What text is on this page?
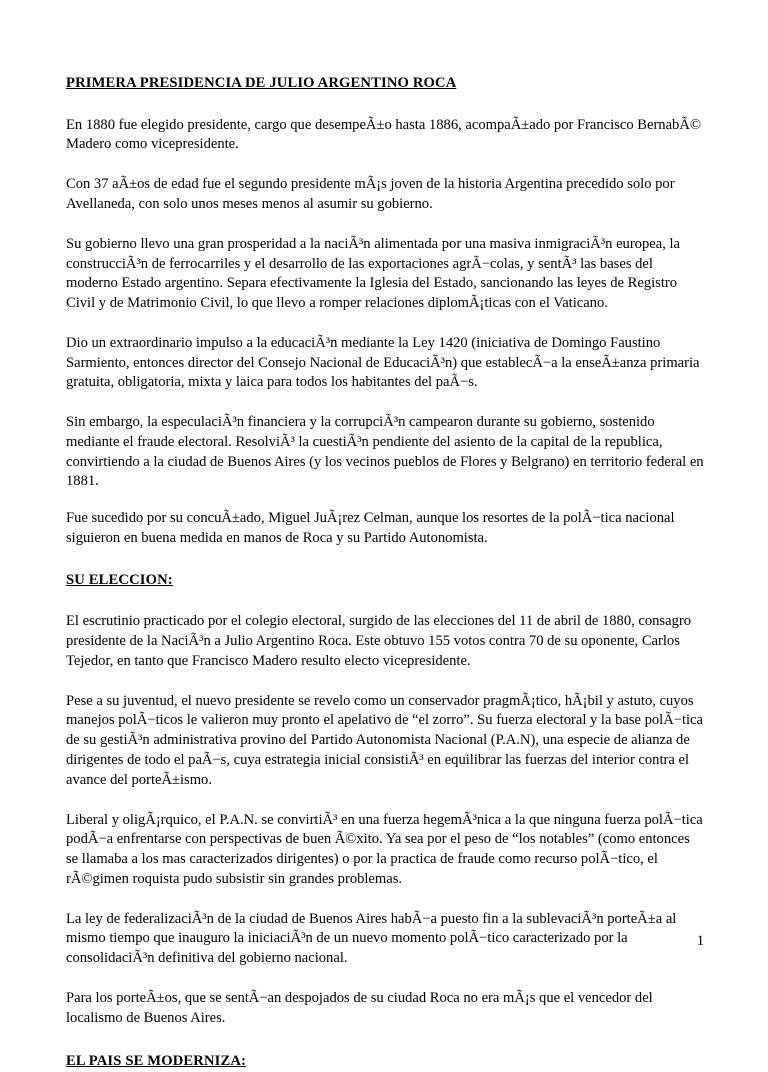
PRIMERA PRESIDENCIA DE JULIO ARGENTINO ROCA
En 1880 fue elegido presidente, cargo que desempeÃ±o hasta 1886, acompaÃ±ado por Francisco BernabÃ© Madero como vicepresidente.
Con 37 aÃ±os de edad fue el segundo presidente mÃ¡s joven de la historia Argentina precedido solo por Avellaneda, con solo unos meses menos al asumir su gobierno.
Su gobierno llevo una gran prosperidad a la naciÃ³n alimentada por una masiva inmigraciÃ³n europea, la construcciÃ³n de ferrocarriles y el desarrollo de las exportaciones agrÃ−colas, y sentÃ³ las bases del moderno Estado argentino. Separa efectivamente la Iglesia del Estado, sancionando las leyes de Registro Civil y de Matrimonio Civil, lo que llevo a romper relaciones diplomÃ¡ticas con el Vaticano.
Dio un extraordinario impulso a la educaciÃ³n mediante la Ley 1420 (iniciativa de Domingo Faustino Sarmiento, entonces director del Consejo Nacional de EducaciÃ³n) que establecÃ−a la enseÃ±anza primaria gratuita, obligatoria, mixta y laica para todos los habitantes del paÃ−s.
Sin embargo, la especulaciÃ³n financiera y la corrupciÃ³n campearon durante su gobierno, sostenido mediante el fraude electoral. ResolviÃ³ la cuestiÃ³n pendiente del asiento de la capital de la republica, convirtiendo a la ciudad de Buenos Aires (y los vecinos pueblos de Flores y Belgrano) en territorio federal en 1881.
Fue sucedido por su concuÃ±ado, Miguel JuÃ¡rez Celman, aunque los resortes de la polÃ−tica nacional siguieron en buena medida en manos de Roca y su Partido Autonomista.
SU ELECCION:
El escrutinio practicado por el colegio electoral, surgido de las elecciones del 11 de abril de 1880, consagro presidente de la NaciÃ³n a Julio Argentino Roca. Este obtuvo 155 votos contra 70 de su oponente, Carlos Tejedor, en tanto que Francisco Madero resulto electo vicepresidente.
Pese a su juventud, el nuevo presidente se revelo como un conservador pragmÃ¡tico, hÃ¡bil y astuto, cuyos manejos polÃ−ticos le valieron muy pronto el apelativo de “el zorro”. Su fuerza electoral y la base polÃ−tica de su gestiÃ³n administrativa provino del Partido Autonomista Nacional (P.A.N), una especie de alianza de dirigentes de todo el paÃ−s, cuya estrategia inicial consistiÃ³ en equilibrar las fuerzas del interior contra el avance del porteÃ±ismo.
Liberal y oligÃ¡rquico, el P.A.N. se convirtiÃ³ en una fuerza hegemÃ³nica a la que ninguna fuerza polÃ−tica podÃ−a enfrentarse con perspectivas de buen Ã©xito. Ya sea por el peso de “los notables” (como entonces se llamaba a los mas caracterizados dirigentes) o por la practica de fraude como recurso polÃ−tico, el rÃ©gimen roquista pudo subsistir sin grandes problemas.
La ley de federalizaciÃ³n de la ciudad de Buenos Aires habÃ−a puesto fin a la sublevaciÃ³n porteÃ±a al mismo tiempo que inauguro la iniciaciÃ³n de un nuevo momento polÃ−tico caracterizado por la consolidaciÃ³n definitiva del gobierno nacional.
Para los porteÃ±os, que se sentÃ−an despojados de su ciudad Roca no era mÃ¡s que el vencedor del localismo de Buenos Aires.
EL PAIS SE MODERNIZA:
1
